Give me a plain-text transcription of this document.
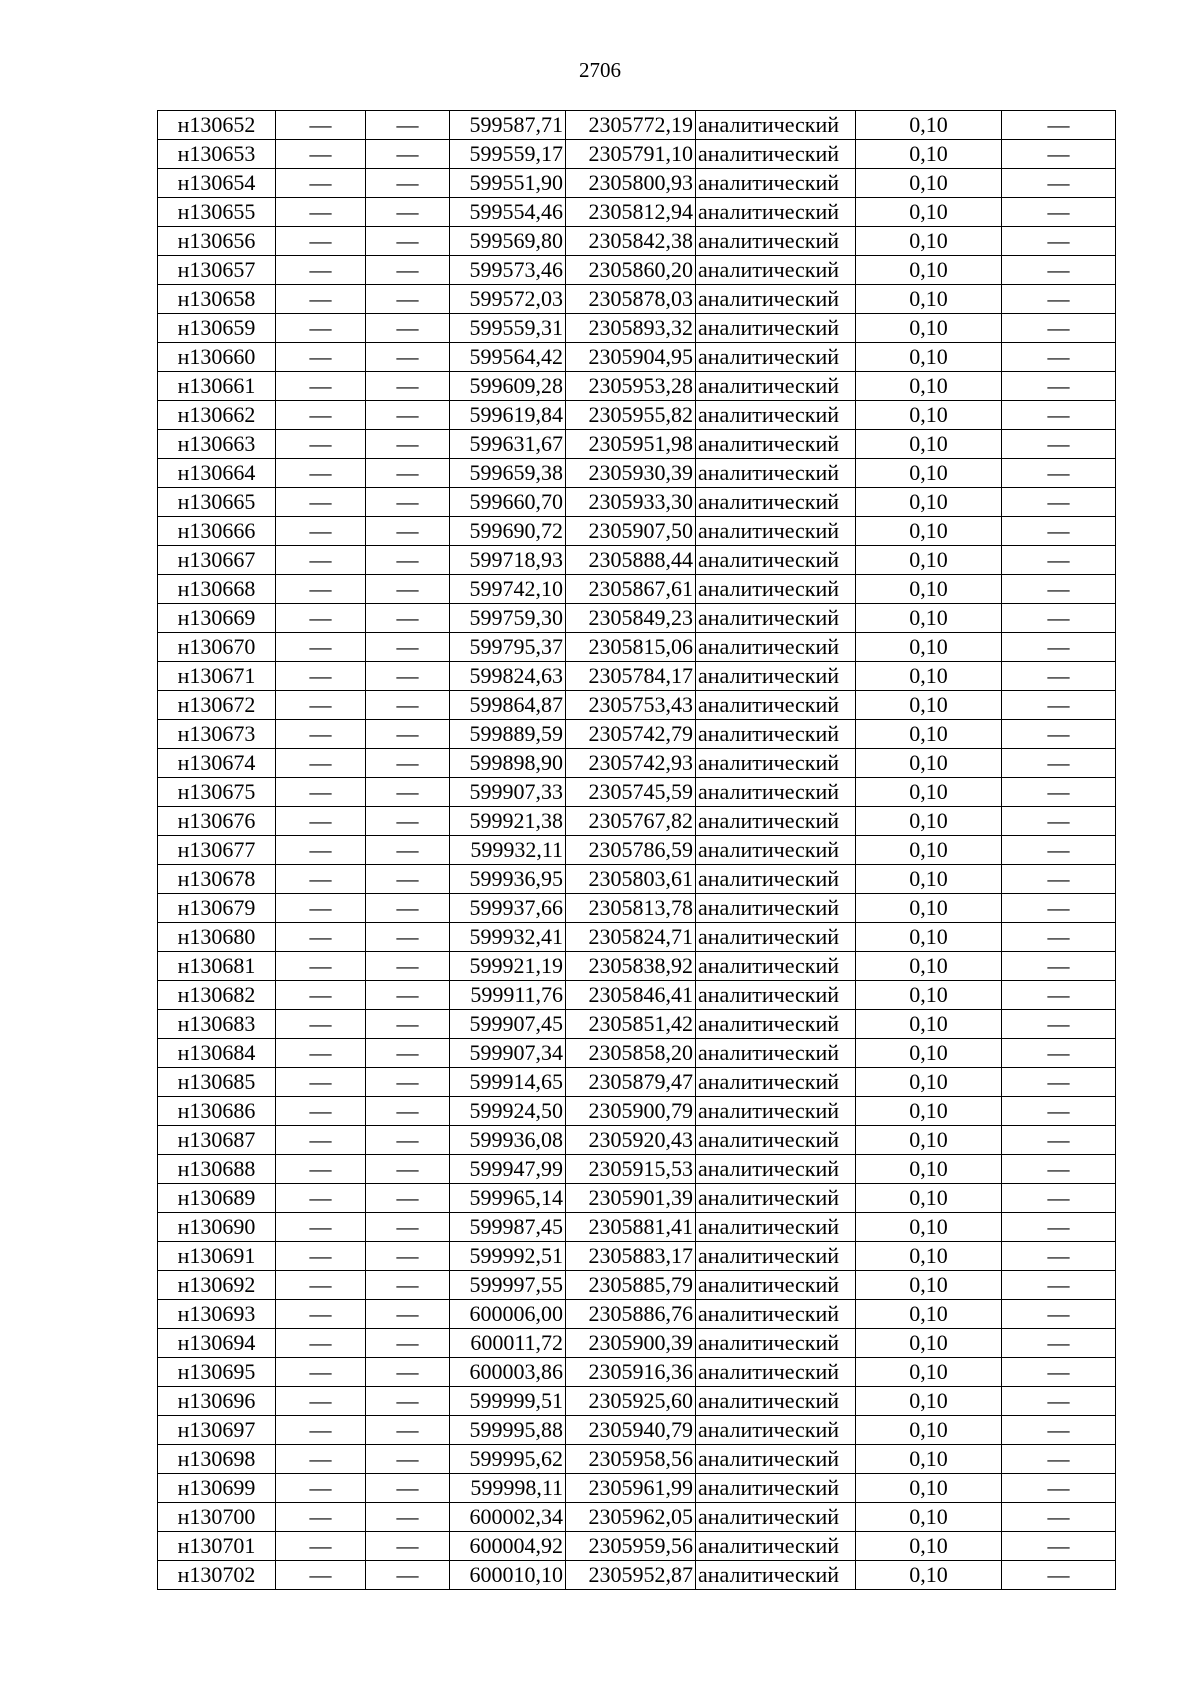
2706
н130652	—	—	599587,71	2305772,19	аналитический	0,10	—
н130653	—	—	599559,17	2305791,10	аналитический	0,10	—
н130654	—	—	599551,90	2305800,93	аналитический	0,10	—
н130655	—	—	599554,46	2305812,94	аналитический	0,10	—
н130656	—	—	599569,80	2305842,38	аналитический	0,10	—
н130657	—	—	599573,46	2305860,20	аналитический	0,10	—
н130658	—	—	599572,03	2305878,03	аналитический	0,10	—
н130659	—	—	599559,31	2305893,32	аналитический	0,10	—
н130660	—	—	599564,42	2305904,95	аналитический	0,10	—
н130661	—	—	599609,28	2305953,28	аналитический	0,10	—
н130662	—	—	599619,84	2305955,82	аналитический	0,10	—
н130663	—	—	599631,67	2305951,98	аналитический	0,10	—
н130664	—	—	599659,38	2305930,39	аналитический	0,10	—
н130665	—	—	599660,70	2305933,30	аналитический	0,10	—
н130666	—	—	599690,72	2305907,50	аналитический	0,10	—
н130667	—	—	599718,93	2305888,44	аналитический	0,10	—
н130668	—	—	599742,10	2305867,61	аналитический	0,10	—
н130669	—	—	599759,30	2305849,23	аналитический	0,10	—
н130670	—	—	599795,37	2305815,06	аналитический	0,10	—
н130671	—	—	599824,63	2305784,17	аналитический	0,10	—
н130672	—	—	599864,87	2305753,43	аналитический	0,10	—
н130673	—	—	599889,59	2305742,79	аналитический	0,10	—
н130674	—	—	599898,90	2305742,93	аналитический	0,10	—
н130675	—	—	599907,33	2305745,59	аналитический	0,10	—
н130676	—	—	599921,38	2305767,82	аналитический	0,10	—
н130677	—	—	599932,11	2305786,59	аналитический	0,10	—
н130678	—	—	599936,95	2305803,61	аналитический	0,10	—
н130679	—	—	599937,66	2305813,78	аналитический	0,10	—
н130680	—	—	599932,41	2305824,71	аналитический	0,10	—
н130681	—	—	599921,19	2305838,92	аналитический	0,10	—
н130682	—	—	599911,76	2305846,41	аналитический	0,10	—
н130683	—	—	599907,45	2305851,42	аналитический	0,10	—
н130684	—	—	599907,34	2305858,20	аналитический	0,10	—
н130685	—	—	599914,65	2305879,47	аналитический	0,10	—
н130686	—	—	599924,50	2305900,79	аналитический	0,10	—
н130687	—	—	599936,08	2305920,43	аналитический	0,10	—
н130688	—	—	599947,99	2305915,53	аналитический	0,10	—
н130689	—	—	599965,14	2305901,39	аналитический	0,10	—
н130690	—	—	599987,45	2305881,41	аналитический	0,10	—
н130691	—	—	599992,51	2305883,17	аналитический	0,10	—
н130692	—	—	599997,55	2305885,79	аналитический	0,10	—
н130693	—	—	600006,00	2305886,76	аналитический	0,10	—
н130694	—	—	600011,72	2305900,39	аналитический	0,10	—
н130695	—	—	600003,86	2305916,36	аналитический	0,10	—
н130696	—	—	599999,51	2305925,60	аналитический	0,10	—
н130697	—	—	599995,88	2305940,79	аналитический	0,10	—
н130698	—	—	599995,62	2305958,56	аналитический	0,10	—
н130699	—	—	599998,11	2305961,99	аналитический	0,10	—
н130700	—	—	600002,34	2305962,05	аналитический	0,10	—
н130701	—	—	600004,92	2305959,56	аналитический	0,10	—
н130702	—	—	600010,10	2305952,87	аналитический	0,10	—
